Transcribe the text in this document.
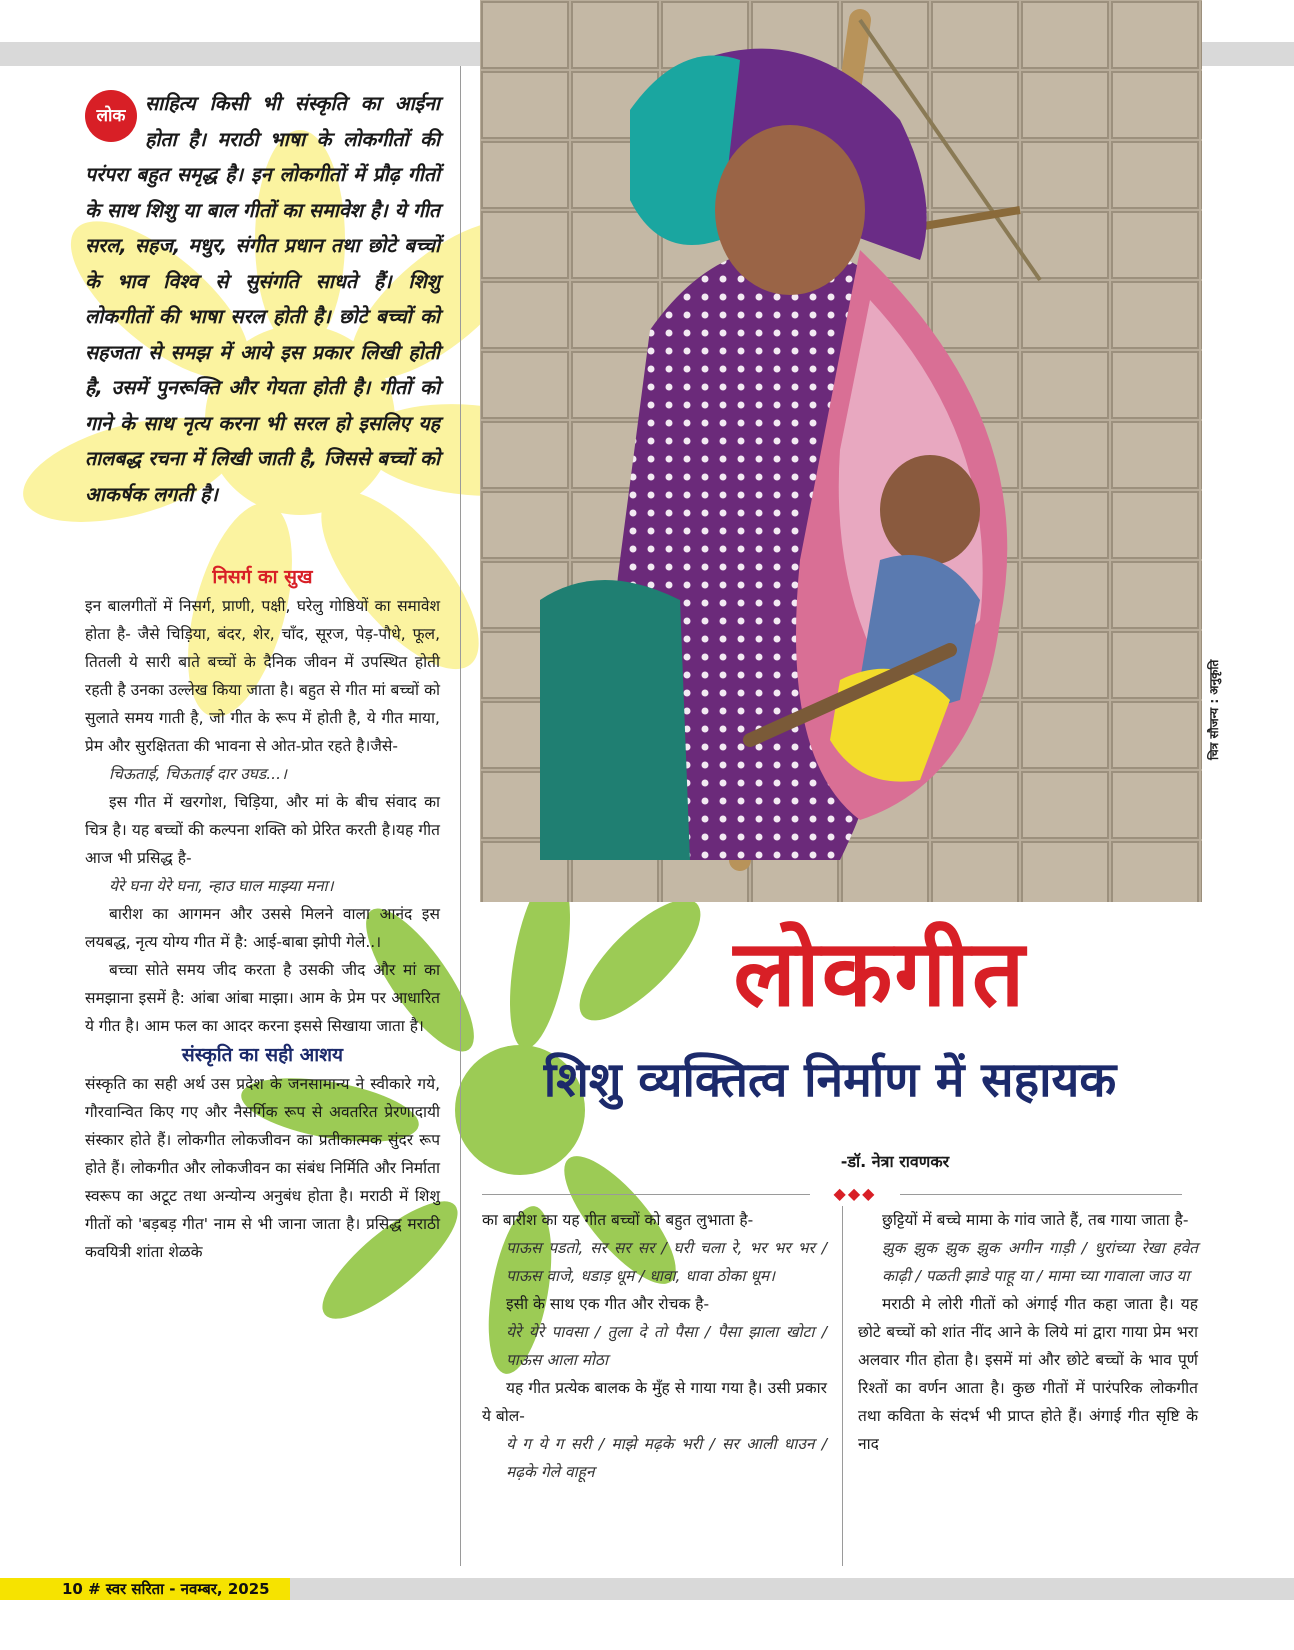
चित्र सौजन्य : अनुकृति
लोक
साहित्य किसी भी संस्कृति का आईना होता है। मराठी भाषा के लोकगीतों की परंपरा बहुत समृद्ध है। इन लोकगीतों में प्रौढ़ गीतों के साथ शिशु या बाल गीतों का समावेश है। ये गीत सरल, सहज, मधुर, संगीत प्रधान तथा छोटे बच्चों के भाव विश्व से सुसंगति साधते हैं। शिशु लोकगीतों की भाषा सरल होती है। छोटे बच्चों को सहजता से समझ में आये इस प्रकार लिखी होती है, उसमें पुनरूक्ति और गेयता होती है। गीतों को गाने के साथ नृत्य करना भी सरल हो इसलिए यह तालबद्ध रचना में लिखी जाती है, जिससे बच्चों को आकर्षक लगती है।

निसर्ग का सुख

इन बालगीतों में निसर्ग, प्राणी, पक्षी, घरेलु गोष्ठियों का समावेश होता है- जैसे चिड़िया, बंदर, शेर, चाँद, सूरज, पेड़-पौधे, फूल, तितली ये सारी बाते बच्चों के दैनिक जीवन में उपस्थित होती रहती है उनका उल्लेख किया जाता है। बहुत से गीत मां बच्चों को सुलाते समय गाती है, जो गीत के रूप में होती है, ये गीत माया, प्रेम और सुरक्षितता की भावना से ओत-प्रोत रहते है।जैसे-

चिऊताई, चिऊताई दार उघड...।

इस गीत में खरगोश, चिड़िया, और मां के बीच संवाद का चित्र है। यह बच्चों की कल्पना शक्ति को प्रेरित करती है।यह गीत आज भी प्रसिद्ध है-

येरे घना येरे घना, न्हाउ घाल माझ्या मना।

बारीश का आगमन और उससे मिलने वाला आनंद इस लयबद्ध, नृत्य योग्य गीत में है: आई-बाबा झोपी गेले..।

बच्चा सोते समय जीद करता है उसकी जीद और मां का समझाना इसमें है: आंबा आंबा माझा। आम के प्रेम पर आधारित ये गीत है। आम फल का आदर करना इससे सिखाया जाता है।

संस्कृति का सही आशय

संस्कृति का सही अर्थ उस प्रदेश के जनसामान्य ने स्वीकारे गये, गौरवान्वित किए गए और नैसर्गिक रूप से अवतरित प्रेरणादायी संस्कार होते हैं। लोकगीत लोकजीवन का प्रतीकात्मक सुंदर रूप होते हैं। लोकगीत और लोकजीवन का संबंध निर्मिति और निर्माता स्वरूप का अटूट तथा अन्योन्य अनुबंध होता है। मराठी में शिशु गीतों को 'बड़बड़ गीत' नाम से भी जाना जाता है। प्रसिद्ध मराठी कवयित्री शांता शेळके

लोकगीत
शिशु व्यक्तित्व निर्माण में सहायक
-डॉ. नेत्रा रावणकर
◆◆◆

का बारीश का यह गीत बच्चों को बहुत लुभाता है-

पाऊस पडतो, सर सर सर / घरी चला रे, भर भर भर / पाऊस वाजे, धडाड़ धूम / धावा, धावा ठोका धूम।

इसी के साथ एक गीत और रोचक है-

येरे येरे पावसा / तुला दे तो पैसा / पैसा झाला खोटा / पाऊस आला मोठा

यह गीत प्रत्येक बालक के मुँह से गाया गया है। उसी प्रकार ये बोल-

ये ग ये ग सरी / माझे मढ़के भरी / सर आली धाउन / मढ़के गेले वाहून

छुट्टियों में बच्चे मामा के गांव जाते हैं, तब गाया जाता है-

झुक झुक झुक झुक अगीन गाड़ी / धुरांच्या रेखा हवेत काढ़ी / पळती झाडे पाहू या / मामा च्या गावाला जाउ या

मराठी मे लोरी गीतों को अंगाई गीत कहा जाता है। यह छोटे बच्चों को शांत नींद आने के लिये मां द्वारा गाया प्रेम भरा अलवार गीत होता है। इसमें मां और छोटे बच्चों के भाव पूर्ण रिश्तों का वर्णन आता है। कुछ गीतों में पारंपरिक लोकगीत तथा कविता के संदर्भ भी प्राप्त होते हैं। अंगाई गीत सृष्टि के नाद

10 # स्वर सरिता - नवम्बर, 2025
